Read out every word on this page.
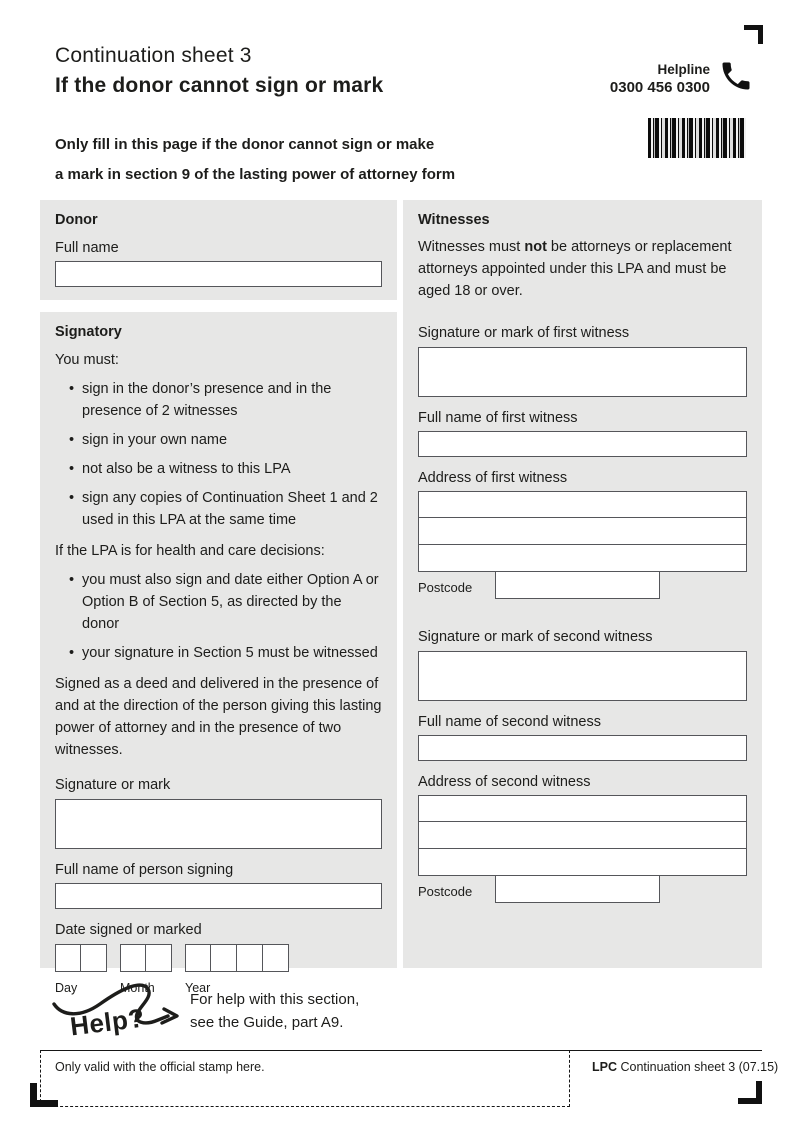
Continuation sheet 3
If the donor cannot sign or mark
Helpline
0300 456 0300
Only fill in this page if the donor cannot sign or make
a mark in section 9 of the lasting power of attorney form
Donor
Full name
Signatory
You must:
• sign in the donor’s presence and in the presence of 2 witnesses
• sign in your own name
• not also be a witness to this LPA
• sign any copies of Continuation Sheet 1 and 2 used in this LPA at the same time
If the LPA is for health and care decisions:
• you must also sign and date either Option A or Option B of Section 5, as directed by the donor
• your signature in Section 5 must be witnessed
Signed as a deed and delivered in the presence of and at the direction of the person giving this lasting power of attorney and in the presence of two witnesses.
Signature or mark
Full name of person signing
Date signed or marked
Day	Month Year
Witnesses
Witnesses must not be attorneys or replacement attorneys appointed under this LPA and must be aged 18 or over.
Signature or mark of first witness
Full name of first witness
Address of first witness
Postcode
Signature or mark of second witness
Full name of second witness
Address of second witness
Postcode
Help?
For help with this section,
see the Guide, part A9.
Only valid with the official stamp here.	LPC Continuation sheet 3 (07.15)
